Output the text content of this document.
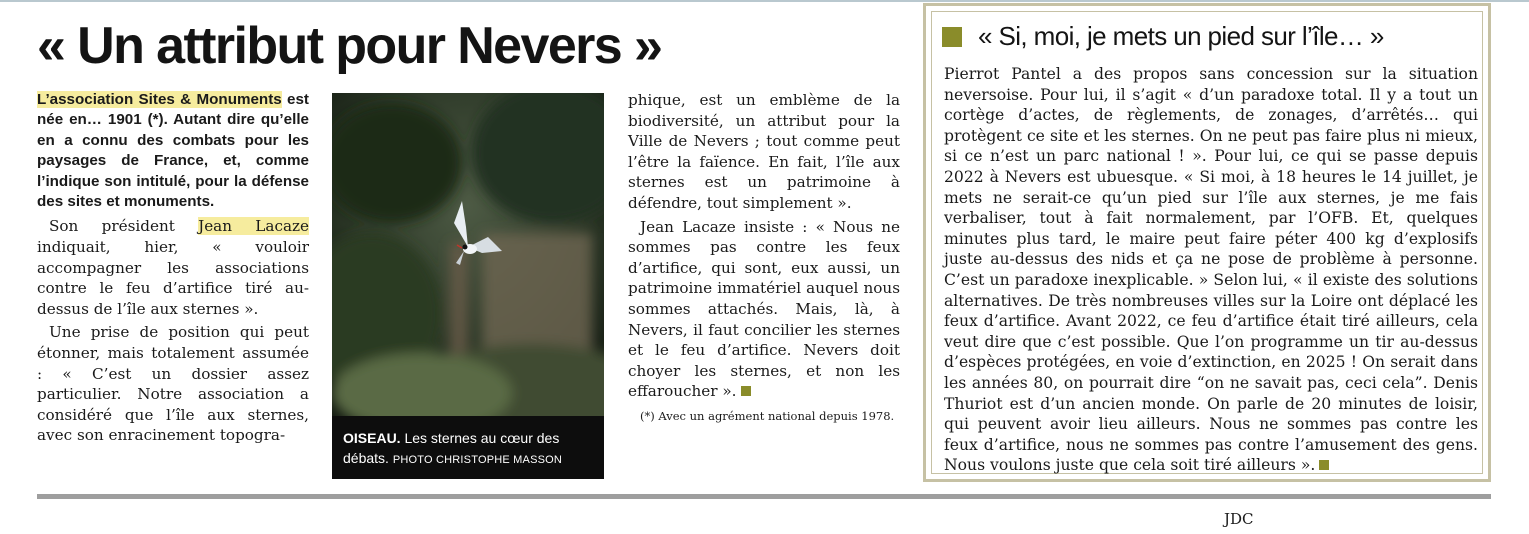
« Un attribut pour Nevers »

L’association Sites & Monuments est née en… 1901 (*). Autant dire qu’elle en a connu des combats pour les paysages de France, et, comme l’indique son intitulé, pour la défense des sites et monuments.

Son président Jean Lacaze indiquait, hier, « vouloir accompagner les associations contre le feu d’artifice tiré au-dessus de l’île aux sternes ».

Une prise de position qui peut étonner, mais totalement assumée : « C’est un dossier assez particulier. Notre association a considéré que l’île aux sternes, avec son enracinement topogra-	OISEAU. Les sternes au cœur des débats. PHOTO CHRISTOPHE MASSON

phique, est un emblème de la biodiversité, un attribut pour la Ville de Nevers ; tout comme peut l’être la faïence. En fait, l’île aux sternes est un patrimoine à défendre, tout simplement ».

Jean Lacaze insiste : « Nous ne sommes pas contre les feux d’artifice, qui sont, eux aussi, un patrimoine immatériel auquel nous sommes attachés. Mais, là, à Nevers, il faut concilier les sternes et le feu d’artifice. Nevers doit choyer les sternes, et non les effaroucher ».

(*) Avec un agrément national depuis 1978.

« Si, moi, je mets un pied sur l’île… »
Pierrot Pantel a des propos sans concession sur la situation neversoise. Pour lui, il s’agit « d’un paradoxe total. Il y a tout un cortège d’actes, de règlements, de zonages, d’arrêtés… qui protègent ce site et les sternes. On ne peut pas faire plus ni mieux, si ce n’est un parc national ! ». Pour lui, ce qui se passe depuis 2022 à Nevers est ubuesque. « Si moi, à 18 heures le 14 juillet, je mets ne serait-ce qu’un pied sur l’île aux sternes, je me fais verbaliser, tout à fait normalement, par l’OFB. Et, quelques minutes plus tard, le maire peut faire péter 400 kg d’explosifs juste au-dessus des nids et ça ne pose de problème à personne. C’est un paradoxe inexplicable. » Selon lui, « il existe des solutions alternatives. De très nombreuses villes sur la Loire ont déplacé les feux d’artifice. Avant 2022, ce feu d’artifice était tiré ailleurs, cela veut dire que c’est possible. Que l’on programme un tir au-dessus d’espèces protégées, en voie d’extinction, en 2025 ! On serait dans les années 80, on pourrait dire “on ne savait pas, ceci cela”. Denis Thuriot est d’un ancien monde. On parle de 20 minutes de loisir, qui peuvent avoir lieu ailleurs. Nous ne sommes pas contre les feux d’artifice, nous ne sommes pas contre l’amusement des gens. Nous voulons juste que cela soit tiré ailleurs ».
JDC
